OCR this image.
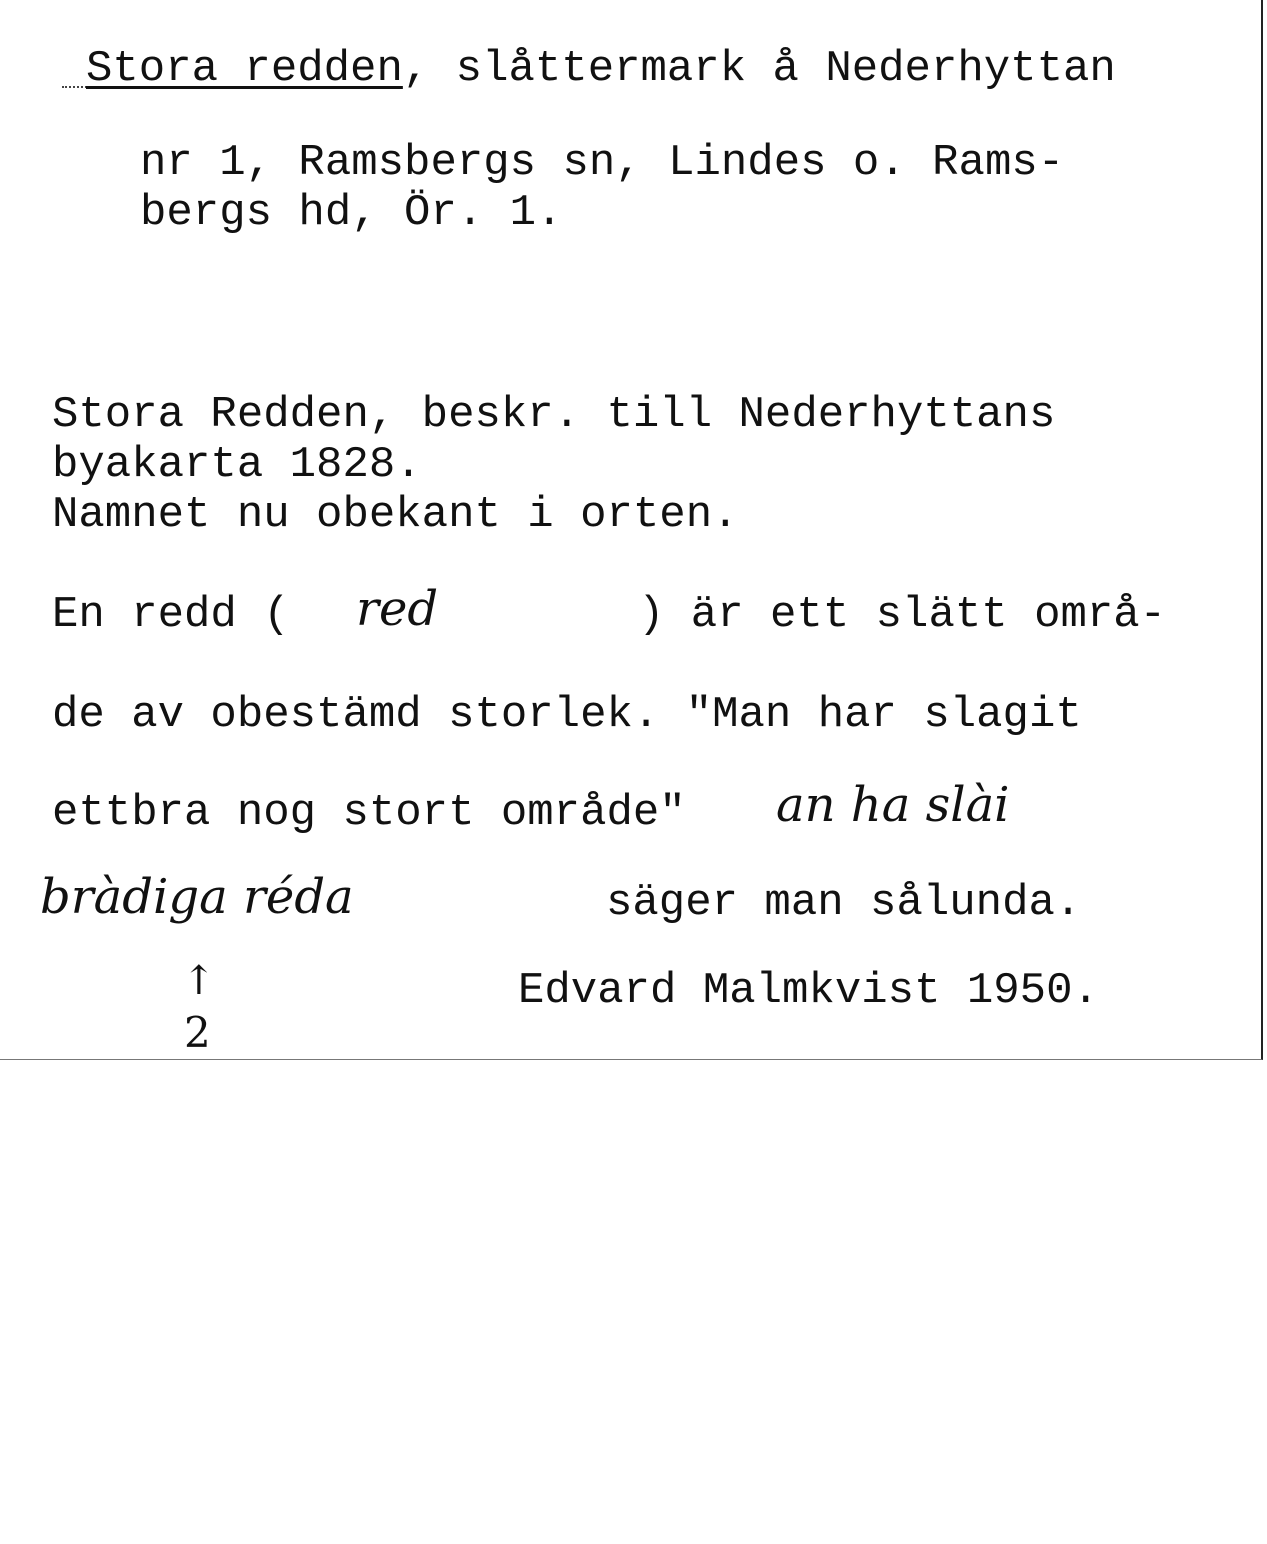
Stora redden, slåttermark å Nederhyttan
nr 1, Ramsbergs sn, Lindes o. Rams-
bergs hd, Ör. 1.
Stora Redden, beskr. till Nederhyttans
byakarta 1828.
Namnet nu obekant i orten.
En redd ( red	) är ett slätt områ-
de av obestämd storlek. "Man har slagit
ettbra nog stort område" an ha slài
bràdiga réda	säger man sålunda.
Edvard Malmkvist 1950.
↑
2
